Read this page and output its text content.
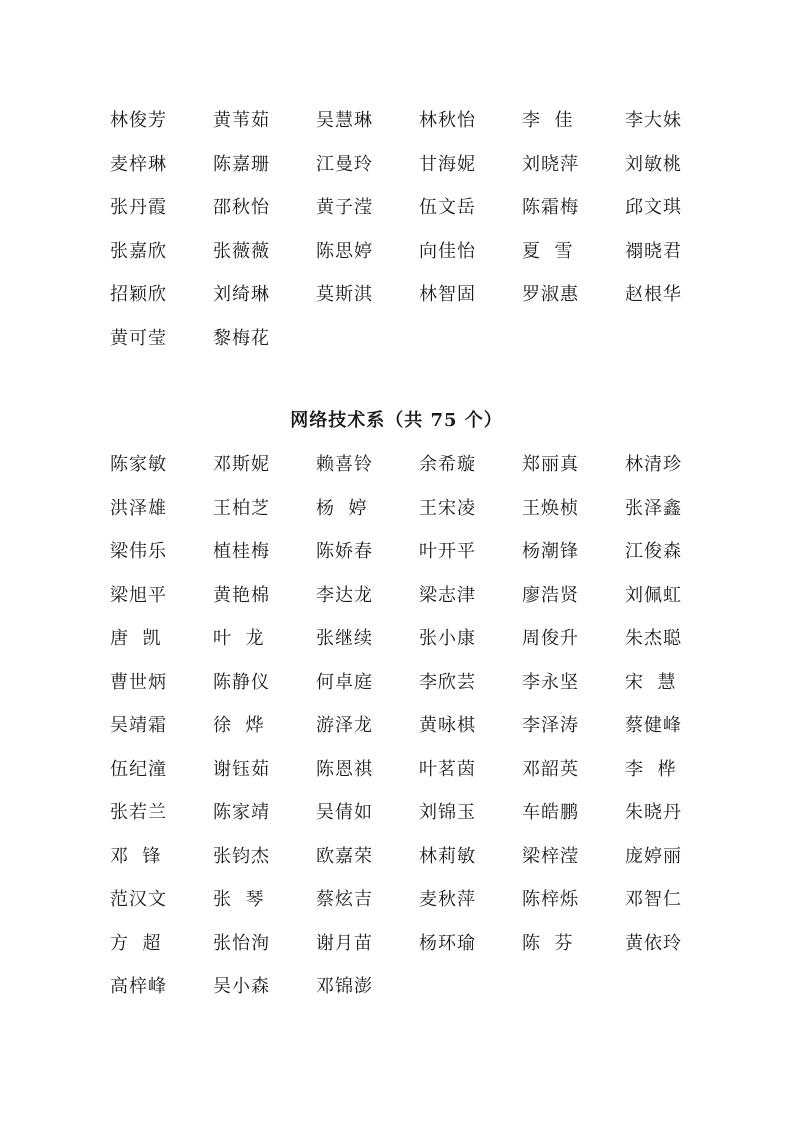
林俊芳	黄苇茹	吴慧琳	林秋怡	李  佳	李大妹
麦梓琳	陈嘉珊	江曼玲	甘海妮	刘晓萍	刘敏桃
张丹霞	邵秋怡	黄子滢	伍文岳	陈霜梅	邱文琪
张嘉欣	张薇薇	陈思婷	向佳怡	夏  雪	禤晓君
招颖欣	刘绮琳	莫斯淇	林智固	罗淑惠	赵根华
黄可莹	黎梅花
网络技术系（共 75 个）
陈家敏	邓斯妮	赖喜铃	余希璇	郑丽真	林清珍
洪泽雄	王柏芝	杨  婷	王宋凌	王焕桢	张泽鑫
梁伟乐	植桂梅	陈娇春	叶开平	杨潮锋	江俊森
梁旭平	黄艳棉	李达龙	梁志津	廖浩贤	刘佩虹
唐  凯	叶  龙	张继续	张小康	周俊升	朱杰聪
曹世炳	陈静仪	何卓庭	李欣芸	李永坚	宋  慧
吴靖霜	徐  烨	游泽龙	黄咏棋	李泽涛	蔡健峰
伍纪潼	谢钰茹	陈恩祺	叶茗茵	邓韶英	李  桦
张若兰	陈家靖	吴倩如	刘锦玉	车皓鹏	朱晓丹
邓  锋	张钧杰	欧嘉荣	林莉敏	梁梓滢	庞婷丽
范汉文	张  琴	蔡炫吉	麦秋萍	陈梓烁	邓智仁
方  超	张怡洵	谢月苗	杨环瑜	陈  芬	黄依玲
高梓峰	吴小森	邓锦澎
